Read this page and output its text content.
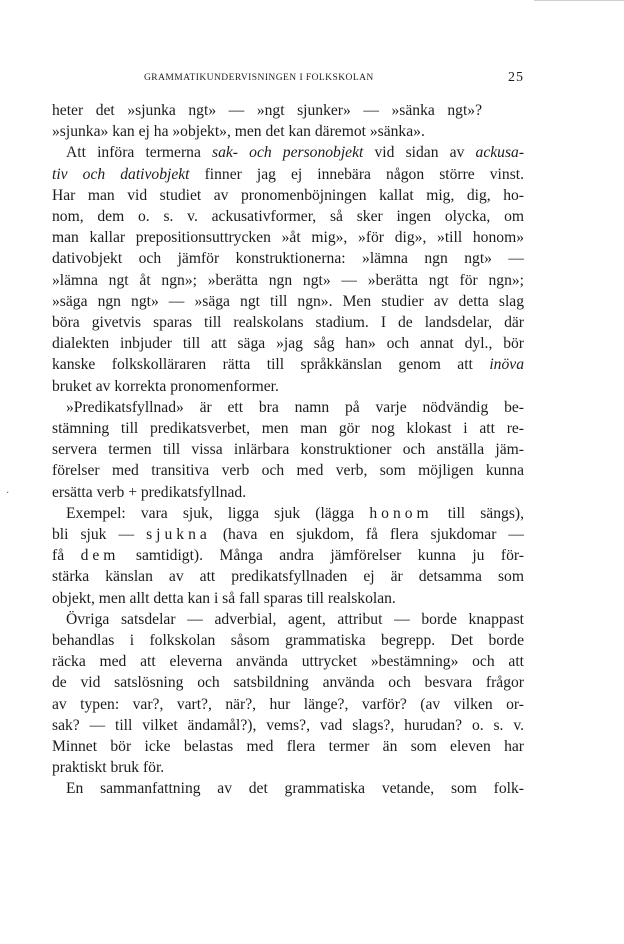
GRAMMATIKUNDERVISNINGEN I FOLKSKOLAN	25
heter det »sjunka ngt» — »ngt sjunker» — »sänka ngt»?
»sjunka» kan ej ha »objekt», men det kan däremot »sänka».
Att införa termerna sak- och personobjekt vid sidan av ackusa-
tiv och dativobjekt finner jag ej innebära någon större vinst.
Har man vid studiet av pronomenböjningen kallat mig, dig, ho-
nom, dem o. s. v. ackusativformer, så sker ingen olycka, om
man kallar prepositionsuttrycken »åt mig», »för dig», »till honom»
dativobjekt och jämför konstruktionerna: »lämna ngn ngt» —
»lämna ngt åt ngn»; »berätta ngn ngt» — »berätta ngt för ngn»;
»säga ngn ngt» — »säga ngt till ngn». Men studier av detta slag
böra givetvis sparas till realskolans stadium. I de landsdelar, där
dialekten inbjuder till att säga »jag såg han» och annat dyl., bör
kanske folkskolläraren rätta till språkkänslan genom att inöva
bruket av korrekta pronomenformer.
»Predikatsfyllnad» är ett bra namn på varje nödvändig be-
stämning till predikatsverbet, men man gör nog klokast i att re-
servera termen till vissa inlärbara konstruktioner och anställa jäm-
förelser med transitiva verb och med verb, som möjligen kunna
ersätta verb + predikatsfyllnad.
Exempel: vara sjuk, ligga sjuk (lägga honom till sängs),
bli sjuk — sjukna (hava en sjukdom, få flera sjukdomar —
få dem samtidigt). Många andra jämförelser kunna ju för-
stärka känslan av att predikatsfyllnaden ej är detsamma som
objekt, men allt detta kan i så fall sparas till realskolan.
Övriga satsdelar — adverbial, agent, attribut — borde knappast
behandlas i folkskolan såsom grammatiska begrepp. Det borde
räcka med att eleverna använda uttrycket »bestämning» och att
de vid satslösning och satsbildning använda och besvara frågor
av typen: var?, vart?, när?, hur länge?, varför? (av vilken or-
sak? — till vilket ändamål?), vems?, vad slags?, hurudan? o. s. v.
Minnet bör icke belastas med flera termer än som eleven har
praktiskt bruk för.
En sammanfattning av det grammatiska vetande, som folk-
·
